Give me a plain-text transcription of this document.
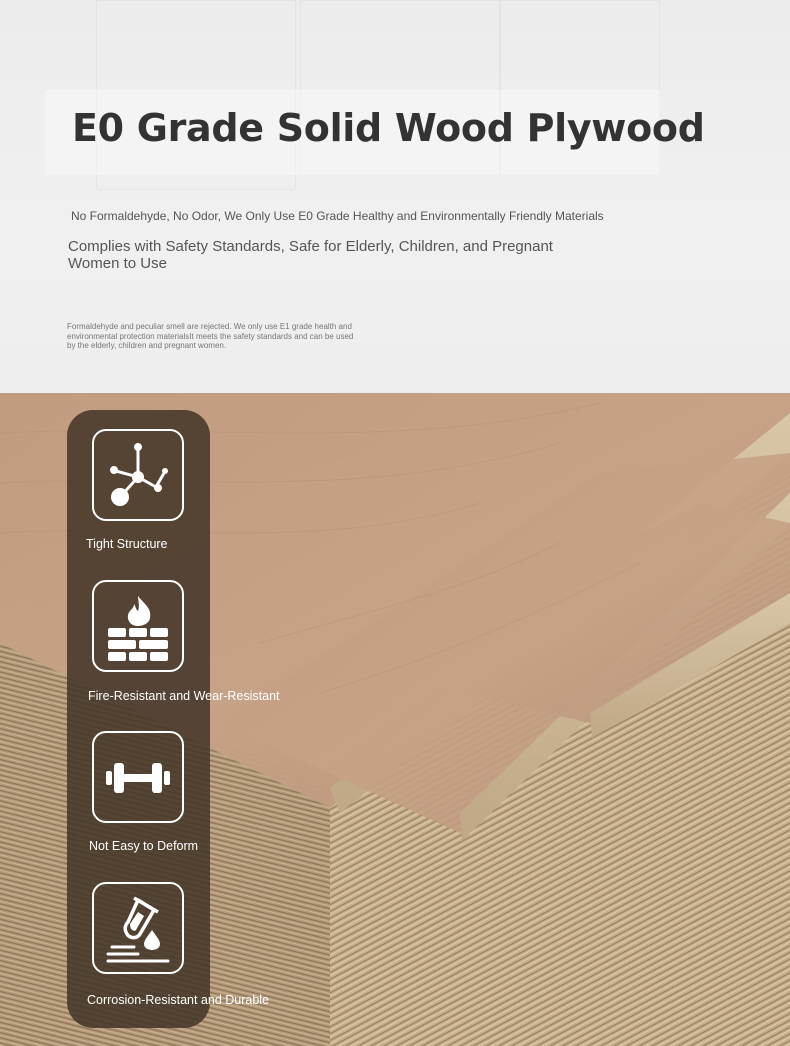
E0 Grade Solid Wood Plywood
No Formaldehyde, No Odor, We Only Use E0 Grade Healthy and Environmentally Friendly Materials
Complies with Safety Standards, Safe for Elderly, Children, and Pregnant Women to Use
Formaldehyde and peculiar smell are rejected. We only use E1 grade health and environmental protection materialsIt meets the safety standards and can be used by the elderly, children and pregnant women.
Tight Structure
Fire-Resistant and Wear-Resistant
Not Easy to Deform
Corrosion-Resistant and Durable
